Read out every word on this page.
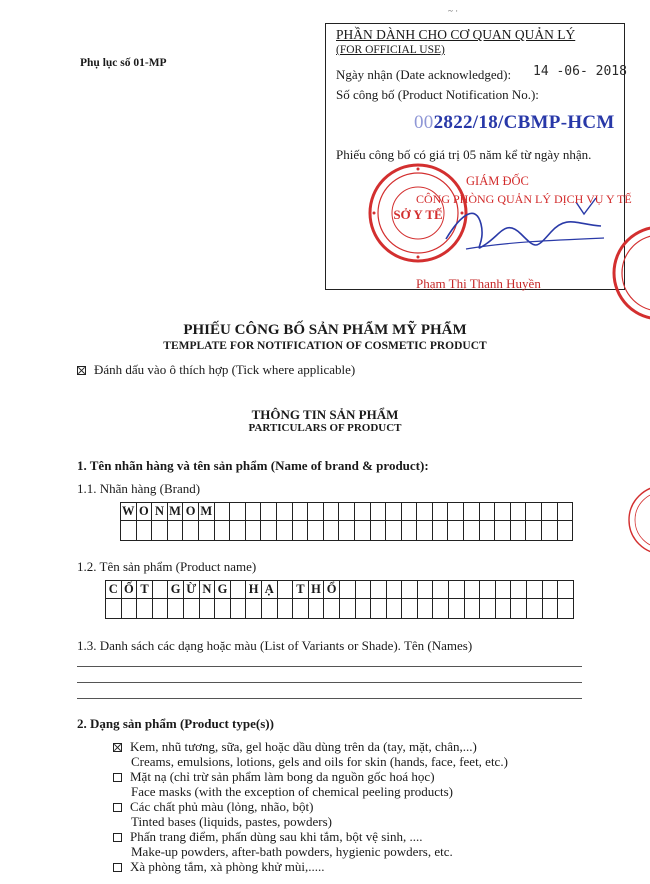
~ ·
Phụ lục số 01-MP
PHẦN DÀNH CHO CƠ QUAN QUẢN LÝ
(FOR OFFICIAL USE)
Ngày nhận (Date acknowledged): 14 -06- 2018
Số công bố (Product Notification No.):
002822/18/CBMP-HCM
Phiếu công bố có giá trị 05 năm kể từ ngày nhận.
SỞ Y TẾ
GIÁM ĐỐC
CÔNG PHÒNG QUẢN LÝ DỊCH VỤ Y TẾ
Phạm Thị Thanh Huyền
PHIẾU CÔNG BỐ SẢN PHẨM MỸ PHẨM
TEMPLATE FOR NOTIFICATION OF COSMETIC PRODUCT
Đánh dấu vào ô thích hợp (Tick where applicable)
THÔNG TIN SẢN PHẨM
PARTICULARS OF PRODUCT
1. Tên nhãn hàng và tên sản phẩm (Name of brand & product):
1.1. Nhãn hàng (Brand)
W	O	N	M	O	M																							

1.2. Tên sản phẩm (Product name)
C	Ố	T		G	Ừ	N	G		H	Ạ		T	H	Ổ															

1.3. Danh sách các dạng hoặc màu (List of Variants or Shade). Tên (Names)
2. Dạng sản phẩm (Product type(s))
Kem, nhũ tương, sữa, gel hoặc dầu dùng trên da (tay, mặt, chân,...)
Creams, emulsions, lotions, gels and oils for skin (hands, face, feet, etc.)
Mặt nạ (chỉ trừ sản phẩm làm bong da nguồn gốc hoá học)
Face masks (with the exception of chemical peeling products)
Các chất phủ màu (lỏng, nhão, bột)
Tinted bases (liquids, pastes, powders)
Phấn trang điểm, phấn dùng sau khi tắm, bột vệ sinh, ....
Make-up powders, after-bath powders, hygienic powders, etc.
Xà phòng tắm, xà phòng khử mùi,.....
